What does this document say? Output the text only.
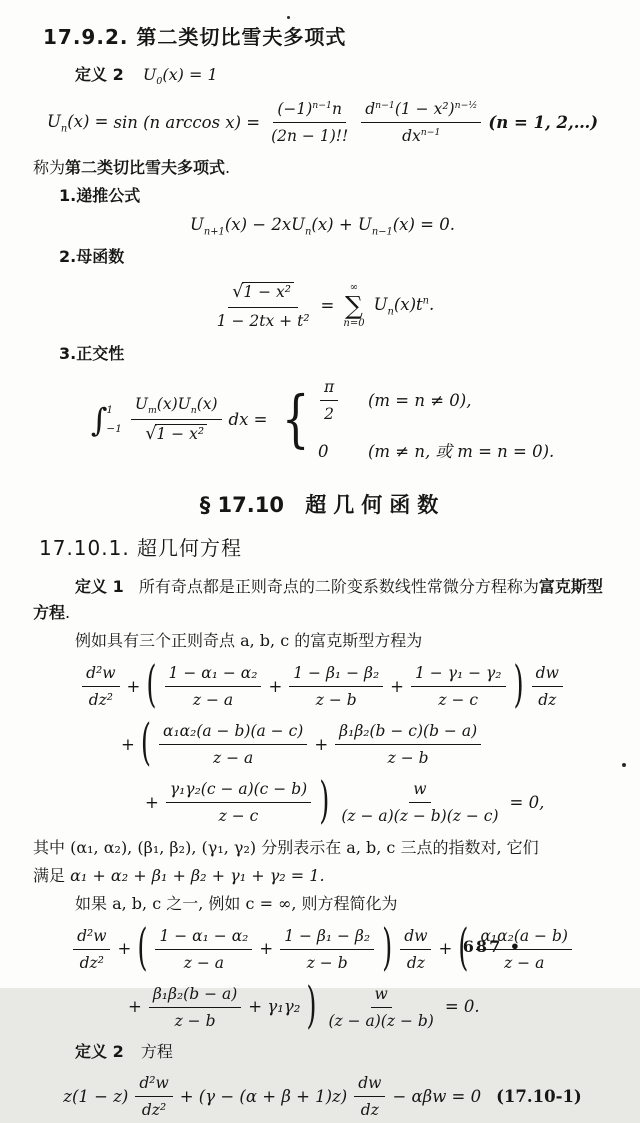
17.9.2. 第二类切比雪夫多项式
定义 2 $U_0(x) = 1$
$U_n(x) = \sin (n$ $\arccos x) = \frac{(-1)^{n-1}n}{(2n - 1)!!} \frac{d^{n-1}(1 - x^2)^{n-\frac{1}{2}}}{dx^{n-1}} (n = 1$, 2,…)
称为第二类切比雪夫多项式.
1.递推公式
$U_{n+1}(x) - 2xU_n(x) + U_{n-1}(x) = 0$.
2.母函数
$\frac{\text{√1 − x²}}{\text{1 − 2tx + t²}}$ =
∞
∑
n=0
$U_n(x)t^n$.
3.正交性
∫ 1
$-1 \frac{U_m(x)U_n(x)}{\text{√1 − x²}}$ dx = { $\frac{\pi}{2} (m = n \ne 0)$,
0 (m ≠ n, 或 m = n = 0).
§ 17.10 超几何函数
17.10.1. 超几何方程
定义 1 所有奇点都是正则奇点的二阶变系数线性常微分方程称为富克斯型方程.
例如具有三个正则奇点 a, b, c 的富克斯型方程为
$\frac{\text{d²w}}{\text{dz²}}$ + ( $\frac{\text{1 − α₁ − α₂}}{z - a} + \frac{\text{1 − β₁ − β₂}}{z - b} + \frac{\text{1 − γ₁ − γ₂}}{z - c}$ ) $\frac{dw}{dz}$
+ ( $\frac{\text{α₁α₂(a − b)(a − c)}}{z - a} + \frac{\text{β₁β₂(b − c)(b − a)}}{z - b}$
+ $\frac{\text{γ₁γ₂(c − a)(c − b)}}{z - c}$ ) $\frac{w}{(z - a)(z - b)(z - c)} = 0$,
其中 (α₁, α₂), (β₁, β₂), (γ₁, γ₂) 分别表示在 a, b, c 三点的指数对, 它们
满足 α₁ + α₂ + β₁ + β₂ + γ₁ + γ₂ = 1.
如果 a, b, c 之一, 例如 c = ∞, 则方程简化为
$\frac{\text{d²w}}{\text{dz²}}$ + ( $\frac{\text{1 − α₁ − α₂}}{z - a} + \frac{\text{1 − β₁ − β₂}}{z - b}$ ) $\frac{dw}{dz}$ + ( $\frac{\text{α₁α₂(a − b)}}{z - a}$
+ $\frac{\text{β₁β₂(b − a)}}{z - b} + \gamma_1\gamma_2$ ) $\frac{w}{(z - a)(z - b)} = 0$.
定义 2 方程
$z(1 - z) \frac{\text{d²w}}{\text{dz²}} + (\gamma - (\alpha + \beta + 1)z) \frac{dw}{dz} - \alpha\beta w = 0$ (17.10-1)
687 •
